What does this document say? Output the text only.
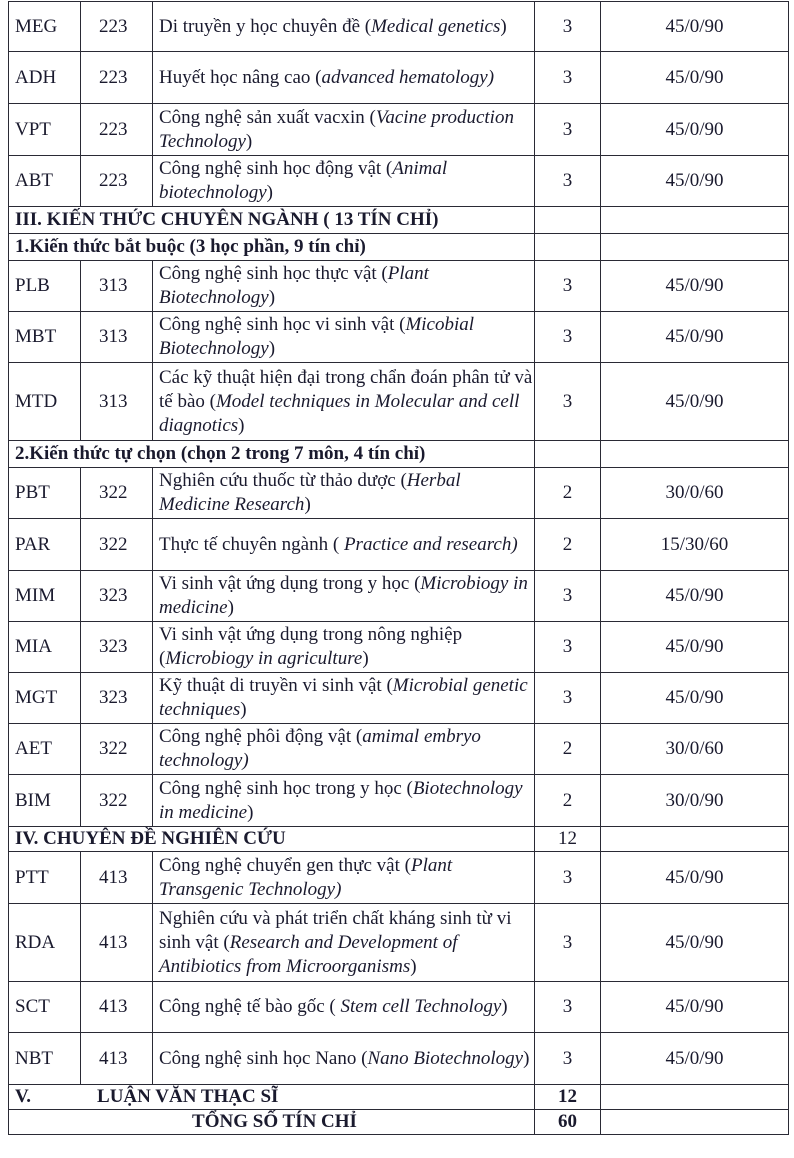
MEG	223	Di truyền y học chuyên đề (Medical genetics)	3	45/0/90
ADH	223	Huyết học nâng cao (advanced hematology)	3	45/0/90
VPT	223	Công nghệ sản xuất vacxin (Vacine production Technology)	3	45/0/90
ABT	223	Công nghệ sinh học động vật (Animal biotechnology)	3	45/0/90
III. KIẾN THỨC CHUYÊN NGÀNH ( 13 TÍN CHỈ)				
1.Kiến thức bắt buộc (3 học phần, 9 tín chỉ)				
PLB	313	Công nghệ sinh học thực vật (Plant Biotechnology)	3	45/0/90
MBT	313	Công nghệ sinh học vi sinh vật (Micobial Biotechnology)	3	45/0/90
MTD	313	Các kỹ thuật hiện đại trong chẩn đoán phân tử và tế bào (Model techniques in Molecular and cell diagnotics)	3	45/0/90
2.Kiến thức tự chọn (chọn 2 trong 7 môn, 4 tín chỉ)				
PBT	322	Nghiên cứu thuốc từ thảo dược (Herbal Medicine Research)	2	30/0/60
PAR	322	Thực tế chuyên ngành ( Practice and research)	2	15/30/60
MIM	323	Vi sinh vật ứng dụng trong y học (Microbiogy in medicine)	3	45/0/90
MIA	323	Vi sinh vật ứng dụng trong nông nghiệp (Microbiogy in agriculture)	3	45/0/90
MGT	323	Kỹ thuật di truyền vi sinh vật (Microbial genetic techniques)	3	45/0/90
AET	322	Công nghệ phôi động vật (amimal embryo technology)	2	30/0/60
BIM	322	Công nghệ sinh học trong y học (Biotechnology in medicine)	2	30/0/90
IV. CHUYÊN ĐỀ NGHIÊN CỨU			12	
PTT	413	Công nghệ chuyển gen thực vật (Plant Transgenic Technology)	3	45/0/90
RDA	413	Nghiên cứu và phát triển chất kháng sinh từ vi sinh vật (Research and Development of Antibiotics from Microorganisms)	3	45/0/90
SCT	413	Công nghệ tế bào gốc ( Stem cell Technology)	3	45/0/90
NBT	413	Công nghệ sinh học Nano (Nano Biotechnology)	3	45/0/90
V. LUẬN VĂN THẠC SĨ			12	
TỔNG SỐ TÍN CHỈ			60	
